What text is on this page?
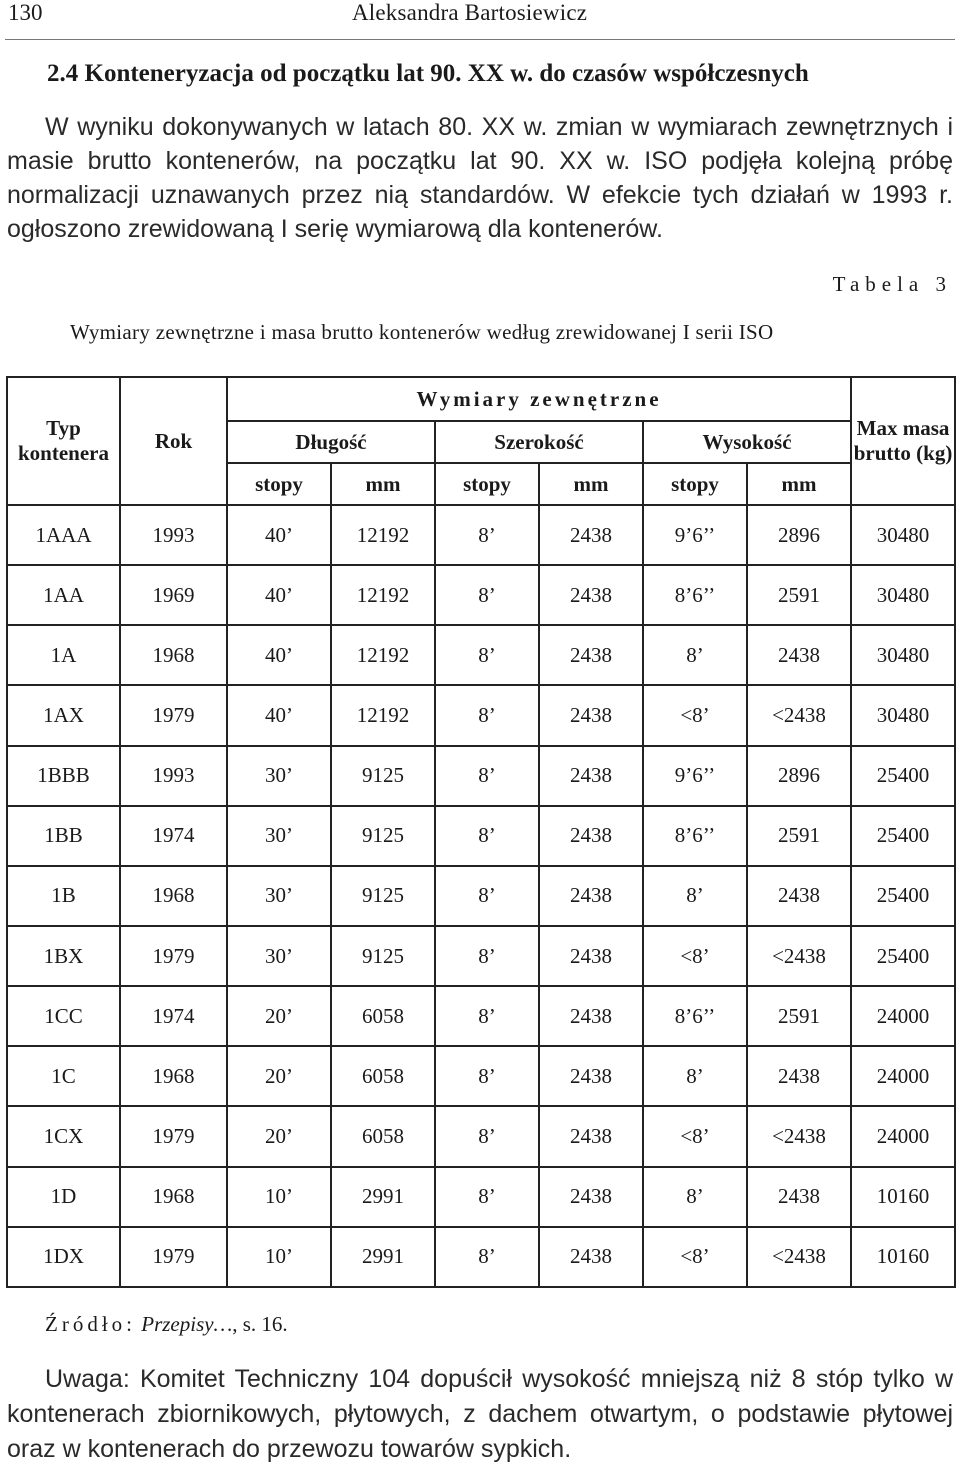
130	Aleksandra Bartosiewicz
2.4 Konteneryzacja od początku lat 90. XX w. do czasów współczesnych
W wyniku dokonywanych w latach 80. XX w. zmian w wymiarach zewnętrznych i masie brutto kontenerów, na początku lat 90. XX w. ISO podjęła kolejną próbę normalizacji uznawanych przez nią standardów. W efekcie tych działań w 1993 r. ogłoszono zrewidowaną I serię wymiarową dla kontenerów.
Tabela 3
Wymiary zewnętrzne i masa brutto kontenerów według zrewidowanej I serii ISO
Typ kontenera	Rok	Wymiary zewnętrzne						Max masa brutto (kg)
		Długość		Szerokość		Wysokość		
		stopy	mm	stopy	mm	stopy	mm	
1AAA	1993	40’	12192	8’	2438	9’6’’	2896	30480
1AA	1969	40’	12192	8’	2438	8’6’’	2591	30480
1A	1968	40’	12192	8’	2438	8’	2438	30480
1AX	1979	40’	12192	8’	2438	<8’	<2438	30480
1BBB	1993	30’	9125	8’	2438	9’6’’	2896	25400
1BB	1974	30’	9125	8’	2438	8’6’’	2591	25400
1B	1968	30’	9125	8’	2438	8’	2438	25400
1BX	1979	30’	9125	8’	2438	<8’	<2438	25400
1CC	1974	20’	6058	8’	2438	8’6’’	2591	24000
1C	1968	20’	6058	8’	2438	8’	2438	24000
1CX	1979	20’	6058	8’	2438	<8’	<2438	24000
1D	1968	10’	2991	8’	2438	8’	2438	10160
1DX	1979	10’	2991	8’	2438	<8’	<2438	10160
Źródło: Przepisy…, s. 16.
Uwaga: Komitet Techniczny 104 dopuścił wysokość mniejszą niż 8 stóp tylko w kontenerach zbiornikowych, płytowych, z dachem otwartym, o podstawie płytowej oraz w kontenerach do przewozu towarów sypkich.
